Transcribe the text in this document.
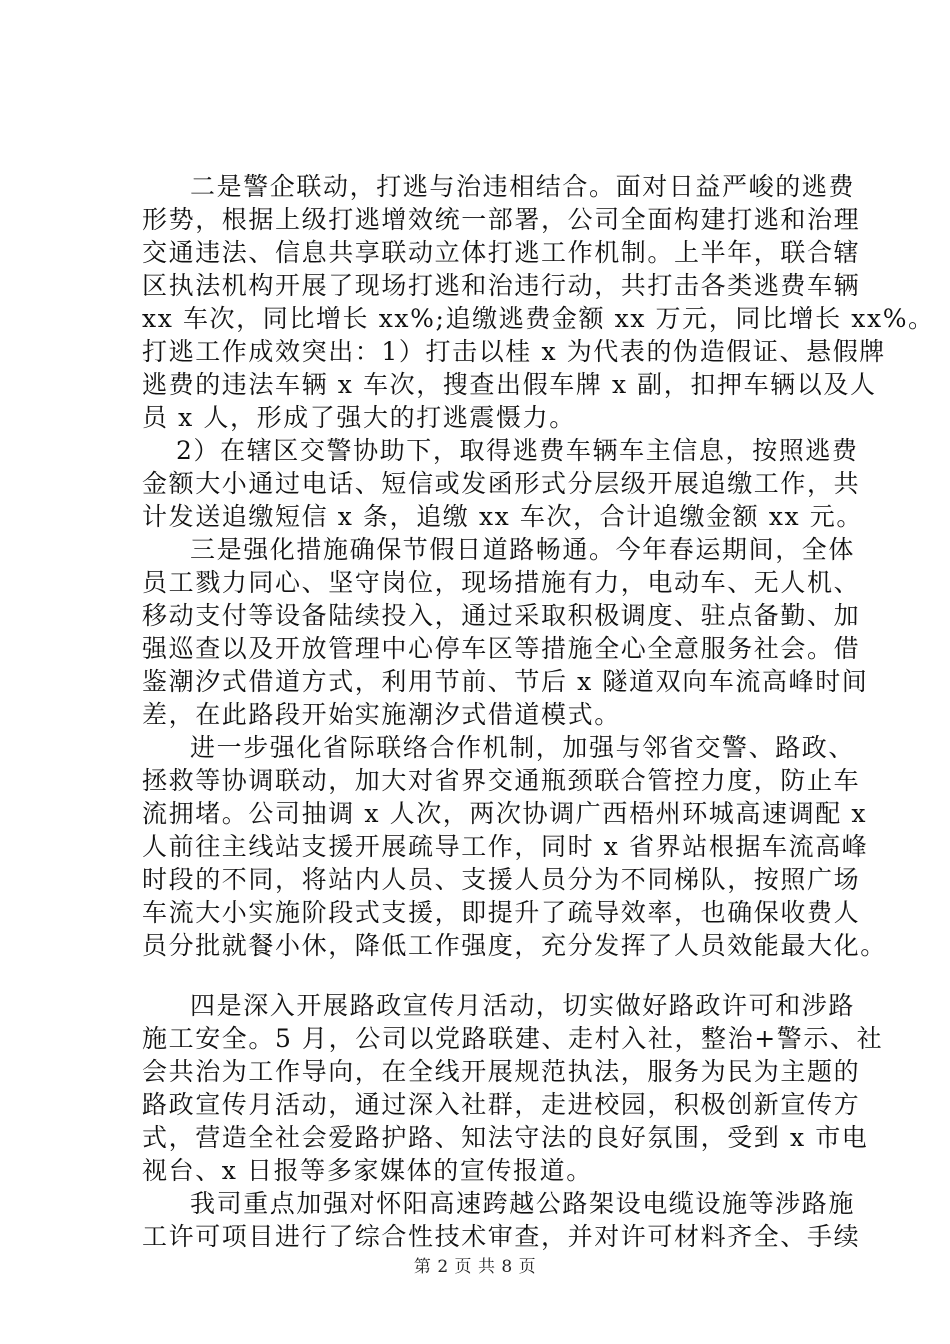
二是警企联动，打逃与治违相结合。面对日益严峻的逃费
形势，根据上级打逃增效统一部署，公司全面构建打逃和治理
交通违法、信息共享联动立体打逃工作机制。上半年，联合辖
区执法机构开展了现场打逃和治违行动，共打击各类逃费车辆
xx 车次，同比增长 xx%;追缴逃费金额 xx 万元，同比增长 xx%。
打逃工作成效突出：1）打击以桂 x 为代表的伪造假证、悬假牌
逃费的违法车辆 x 车次，搜查出假车牌 x 副，扣押车辆以及人
员 x 人，形成了强大的打逃震慑力。
2）在辖区交警协助下，取得逃费车辆车主信息，按照逃费
金额大小通过电话、短信或发函形式分层级开展追缴工作，共
计发送追缴短信 x 条，追缴 xx 车次，合计追缴金额 xx 元。
三是强化措施确保节假日道路畅通。今年春运期间，全体
员工戮力同心、坚守岗位，现场措施有力，电动车、无人机、
移动支付等设备陆续投入，通过采取积极调度、驻点备勤、加
强巡查以及开放管理中心停车区等措施全心全意服务社会。借
鉴潮汐式借道方式，利用节前、节后 x 隧道双向车流高峰时间
差，在此路段开始实施潮汐式借道模式。
进一步强化省际联络合作机制，加强与邻省交警、路政、
拯救等协调联动，加大对省界交通瓶颈联合管控力度，防止车
流拥堵。公司抽调 x 人次，两次协调广西梧州环城高速调配 x
人前往主线站支援开展疏导工作，同时 x 省界站根据车流高峰
时段的不同，将站内人员、支援人员分为不同梯队，按照广场
车流大小实施阶段式支援，即提升了疏导效率，也确保收费人
员分批就餐小休，降低工作强度，充分发挥了人员效能最大化。
四是深入开展路政宣传月活动，切实做好路政许可和涉路
施工安全。5 月，公司以党路联建、走村入社，整治+警示、社
会共治为工作导向，在全线开展规范执法，服务为民为主题的
路政宣传月活动，通过深入社群，走进校园，积极创新宣传方
式，营造全社会爱路护路、知法守法的良好氛围，受到 x 市电
视台、x 日报等多家媒体的宣传报道。
我司重点加强对怀阳高速跨越公路架设电缆设施等涉路施
工许可项目进行了综合性技术审查，并对许可材料齐全、手续
第 2 页 共 8 页
